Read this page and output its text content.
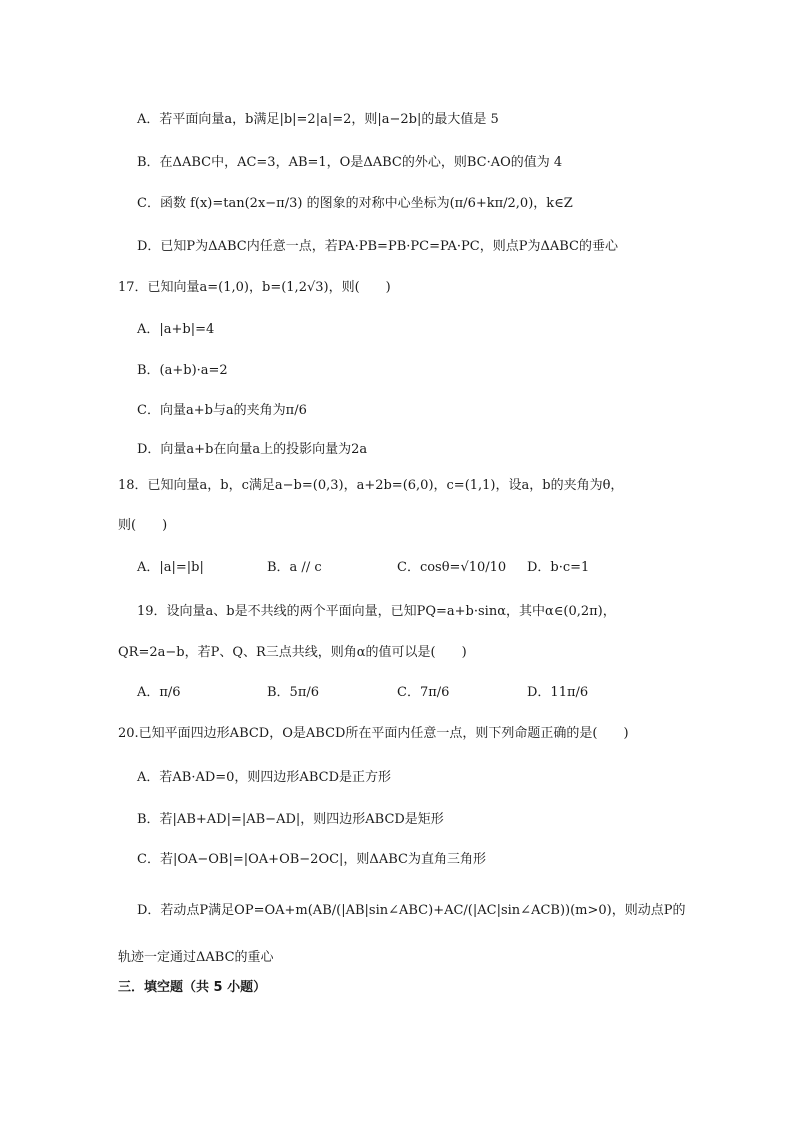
A．若平面向量a，b满足|b|=2|a|=2，则|a−2b|的最大值是 5
B．在ΔABC中，AC=3，AB=1，O是ΔABC的外心，则BC·AO的值为 4
C．函数 f(x)=tan(2x−π/3) 的图象的对称中心坐标为(π/6+kπ/2,0)，k∈Z
D．已知P为ΔABC内任意一点，若PA·PB=PB·PC=PA·PC，则点P为ΔABC的垂心
17．已知向量a=(1,0)，b=(1,2√3)，则(　　)
A．|a+b|=4
B．(a+b)·a=2
C．向量a+b与a的夹角为π/6
D．向量a+b在向量a上的投影向量为2a
18．已知向量a，b，c满足a−b=(0,3)，a+2b=(6,0)，c=(1,1)，设a，b的夹角为θ，
则(　　)
A．|a|=|b|	B．a // c	C．cosθ=√10/10	D．b·c=1
19．设向量a、b是不共线的两个平面向量，已知PQ=a+b·sinα，其中α∈(0,2π)，
QR=2a−b，若P、Q、R三点共线，则角α的值可以是(　　)
A．π/6	B．5π/6	C．7π/6	D．11π/6
20.已知平面四边形ABCD，O是ABCD所在平面内任意一点，则下列命题正确的是(　　)
A．若AB·AD=0，则四边形ABCD是正方形
B．若|AB+AD|=|AB−AD|，则四边形ABCD是矩形
C．若|OA−OB|=|OA+OB−2OC|，则ΔABC为直角三角形
D．若动点P满足OP=OA+m(AB/(|AB|sin∠ABC)+AC/(|AC|sin∠ACB))(m>0)，则动点P的
轨迹一定通过ΔABC的重心
三．填空题（共 5 小题）
